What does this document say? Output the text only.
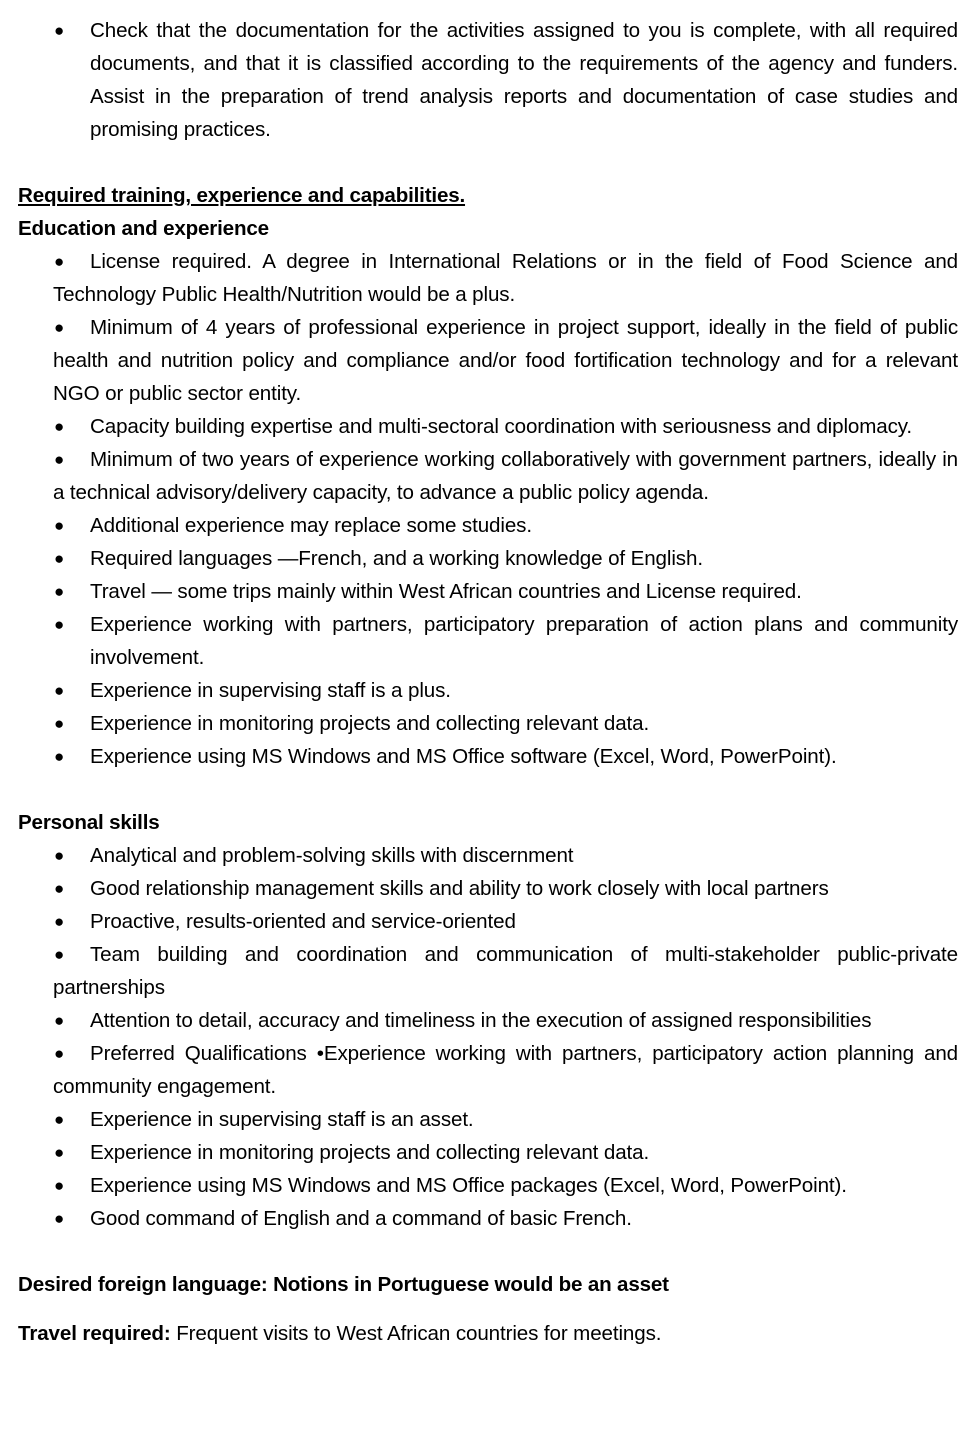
● Check that the documentation for the activities assigned to you is complete, with all required documents, and that it is classified according to the requirements of the agency and funders. Assist in the preparation of trend analysis reports and documentation of case studies and promising practices.

Required training, experience and capabilities.

Education and experience

● License required. A degree in International Relations or in the field of Food Science and Technology Public Health/Nutrition would be a plus.
● Minimum of 4 years of professional experience in project support, ideally in the field of public health and nutrition policy and compliance and/or food fortification technology and for a relevant NGO or public sector entity.
● Capacity building expertise and multi-sectoral coordination with seriousness and diplomacy.
● Minimum of two years of experience working collaboratively with government partners, ideally in a technical advisory/delivery capacity, to advance a public policy agenda.
● Additional experience may replace some studies.
● Required languages —French, and a working knowledge of English.
● Travel — some trips mainly within West African countries and License required.
● Experience working with partners, participatory preparation of action plans and community involvement.
● Experience in supervising staff is a plus.
● Experience in monitoring projects and collecting relevant data.
● Experience using MS Windows and MS Office software (Excel, Word, PowerPoint).

Personal skills

● Analytical and problem-solving skills with discernment
● Good relationship management skills and ability to work closely with local partners
● Proactive, results-oriented and service-oriented
● Team building and coordination and communication of multi-stakeholder public-private partnerships
● Attention to detail, accuracy and timeliness in the execution of assigned responsibilities
● Preferred Qualifications •Experience working with partners, participatory action planning and community engagement.
● Experience in supervising staff is an asset.
● Experience in monitoring projects and collecting relevant data.
● Experience using MS Windows and MS Office packages (Excel, Word, PowerPoint).
● Good command of English and a command of basic French.

Desired foreign language: Notions in Portuguese would be an asset

Travel required: Frequent visits to West African countries for meetings.
